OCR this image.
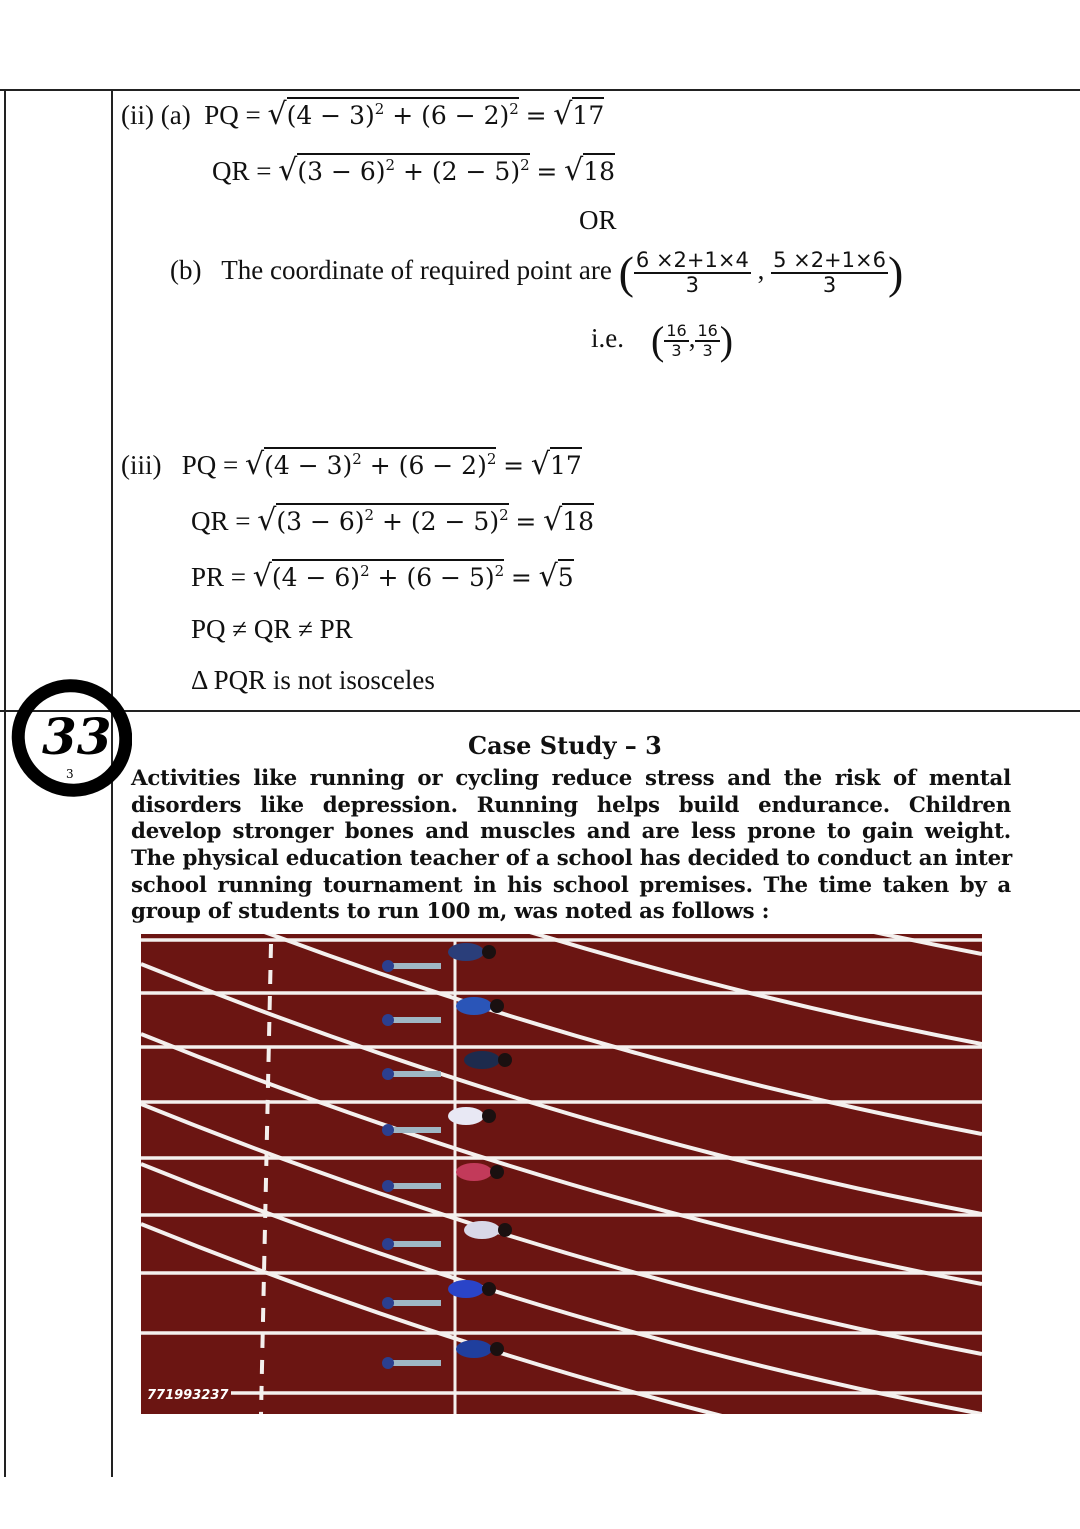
(ii) (a) PQ = $√(4 - 3)^2 + (6 - 2)^2 = √17$
QR = $√(3 - 6)^2 + (2 - 5)^2 = √18$
OR
(b) The coordinate of required point are ( $\frac{6 \times 2+1\times 4}{3}$ , $\frac{5 \times 2+1\times 6}{3}$ )
i.e. ( $\frac{16}{3}$ , $\frac{16}{3}$ )
(iii) PQ = $√(4 - 3)^2 + (6 - 2)^2 = √17$
QR = $√(3 - 6)^2 + (2 - 5)^2 = √18$
PR = $√(4 - 6)^2 + (6 - 5)^2 = √5$
PQ ≠ QR ≠ PR
Δ PQR is not isosceles
33
3
Case Study – 3
Activities like running or cycling reduce stress and the risk of mental
disorders like depression. Running helps build endurance. Children
develop stronger bones and muscles and are less prone to gain weight.
The physical education teacher of a school has decided to conduct an inter
school running tournament in his school premises. The time taken by a
group of students to run 100 m, was noted as follows :
771993237
